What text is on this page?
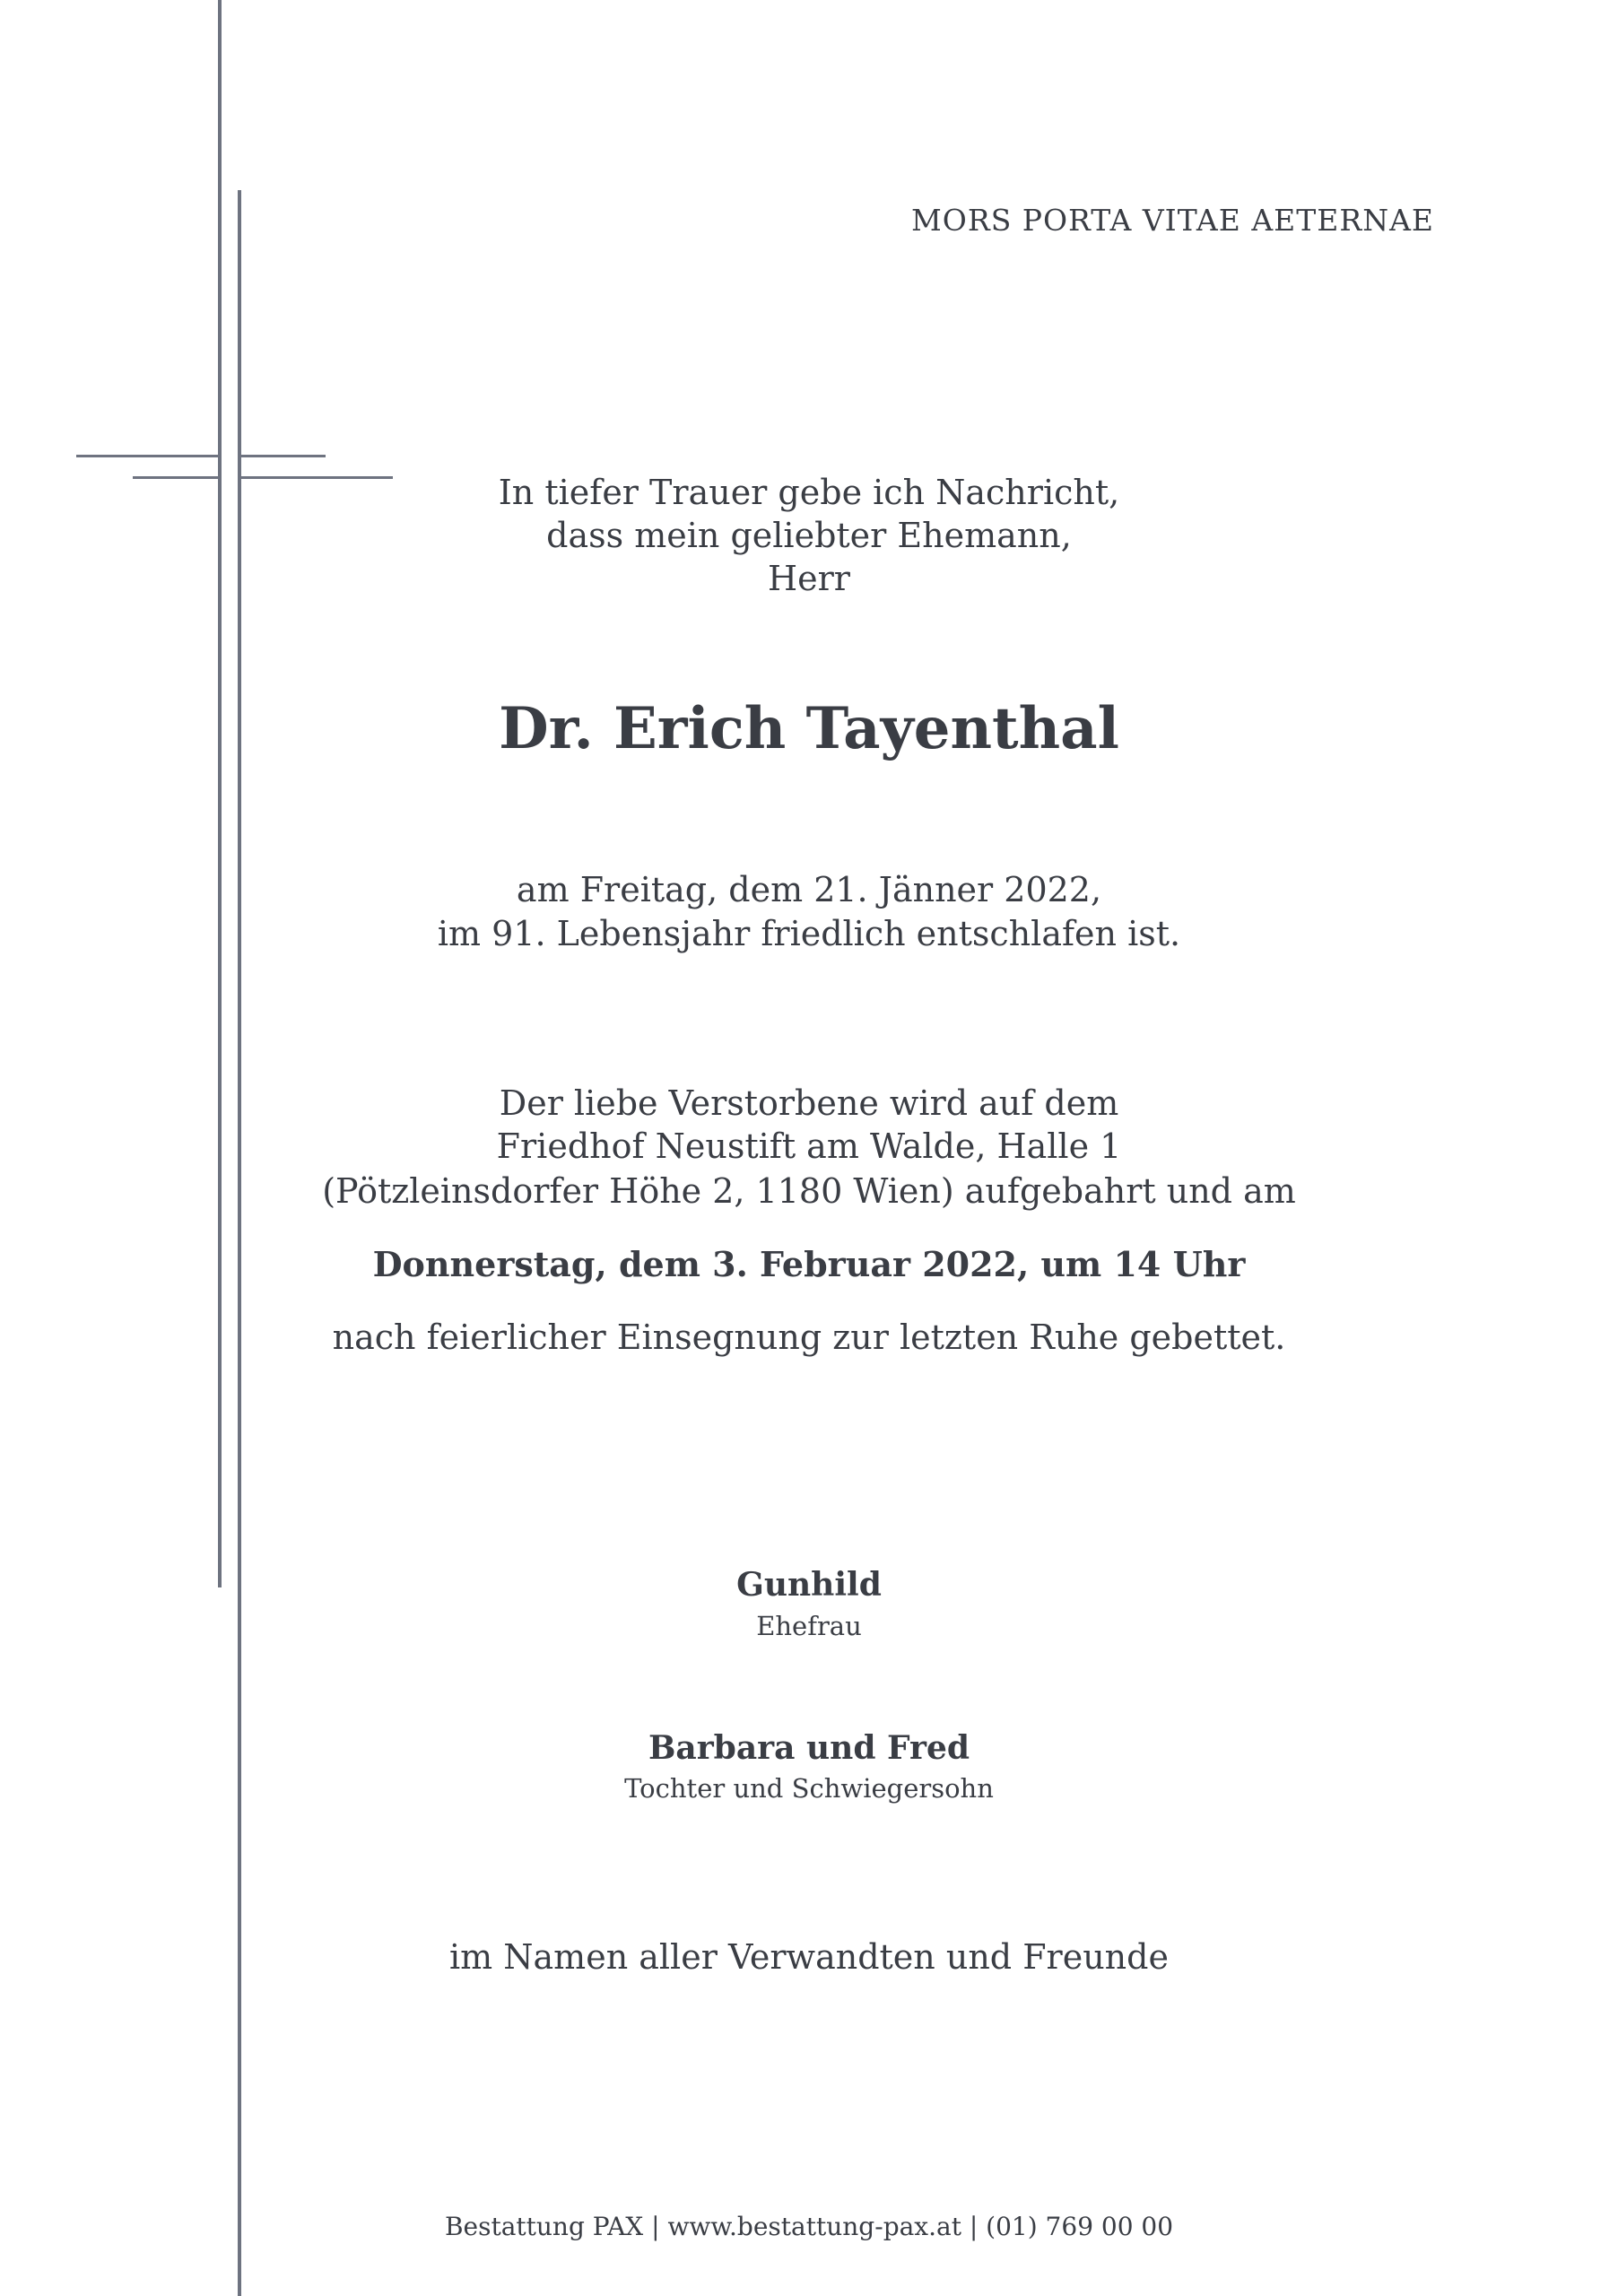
MORS PORTA VITAE AETERNAE
In tiefer Trauer gebe ich Nachricht,
dass mein geliebter Ehemann,
Herr
Dr. Erich Tayenthal
am Freitag, dem 21. Jänner 2022,
im 91. Lebensjahr friedlich entschlafen ist.
Der liebe Verstorbene wird auf dem
Friedhof Neustift am Walde, Halle 1
(Pötzleinsdorfer Höhe 2, 1180 Wien) aufgebahrt und am
Donnerstag, dem 3. Februar 2022, um 14 Uhr
nach feierlicher Einsegnung zur letzten Ruhe gebettet.
Gunhild
Ehefrau
Barbara und Fred
Tochter und Schwiegersohn
im Namen aller Verwandten und Freunde
Bestattung PAX | www.bestattung-pax.at | (01) 769 00 00
